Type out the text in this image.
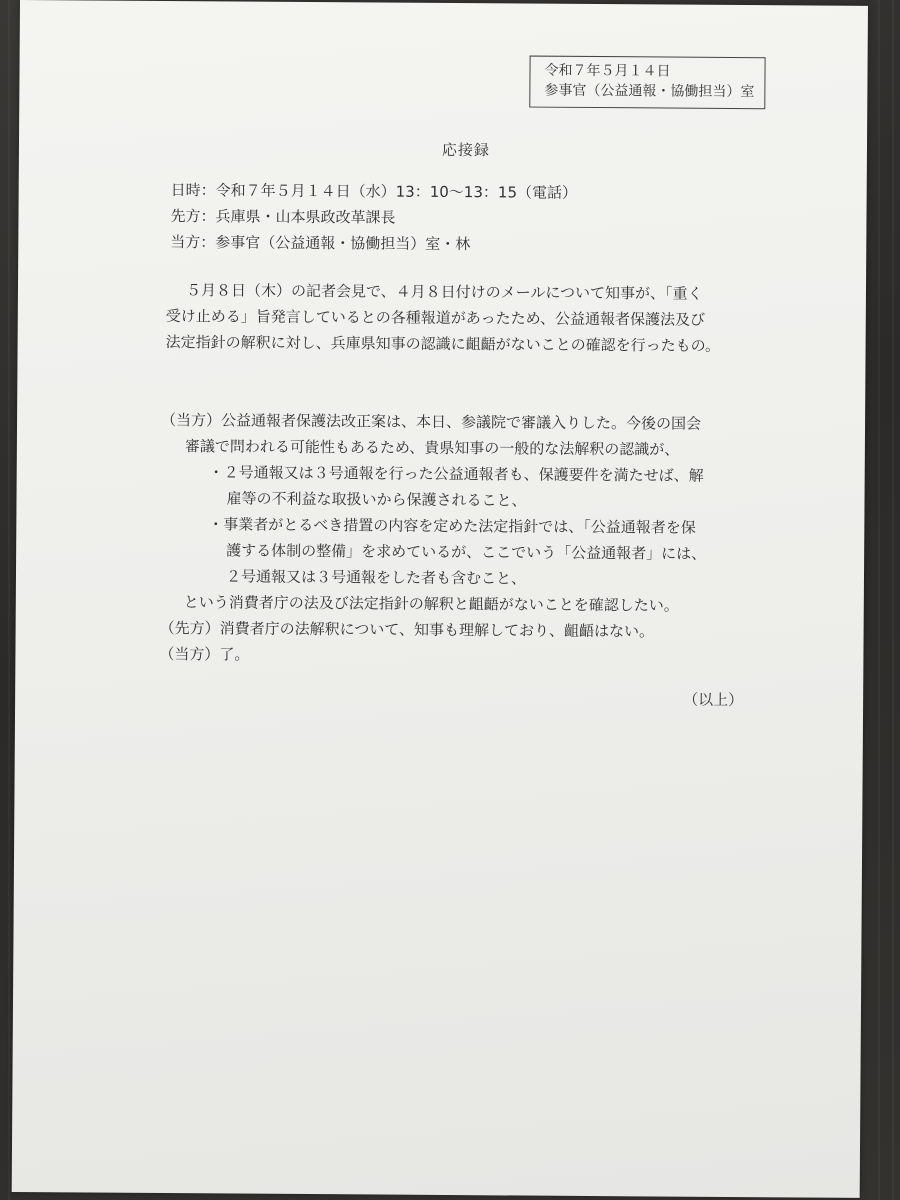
令和７年５月１４日
参事官（公益通報・協働担当）室
応接録
日時：令和７年５月１４日（水）13：10〜13：15（電話）
先方：兵庫県・山本県政改革課長
当方：参事官（公益通報・協働担当）室・林
５月８日（木）の記者会見で、４月８日付けのメールについて知事が、「重く
受け止める」旨発言しているとの各種報道があったため、公益通報者保護法及び
法定指針の解釈に対し、兵庫県知事の認識に齟齬がないことの確認を行ったもの。
（当方）公益通報者保護法改正案は、本日、参議院で審議入りした。今後の国会
審議で問われる可能性もあるため、貴県知事の一般的な法解釈の認識が、
・２号通報又は３号通報を行った公益通報者も、保護要件を満たせば、解
雇等の不利益な取扱いから保護されること、
・事業者がとるべき措置の内容を定めた法定指針では、「公益通報者を保
護する体制の整備」を求めているが、ここでいう「公益通報者」には、
２号通報又は３号通報をした者も含むこと、
という消費者庁の法及び法定指針の解釈と齟齬がないことを確認したい。
（先方）消費者庁の法解釈について、知事も理解しており、齟齬はない。
（当方）了。
（以上）
